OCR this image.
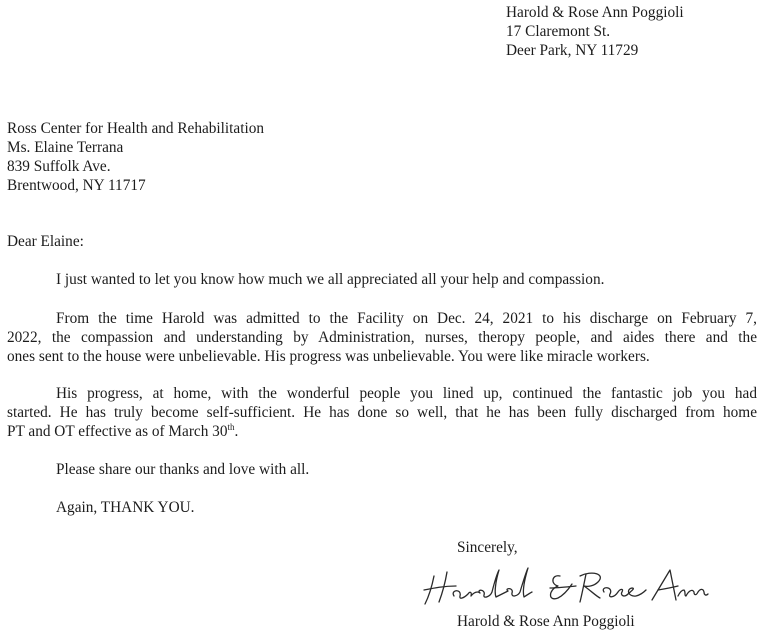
Harold & Rose Ann Poggioli
17 Claremont St.
Deer Park, NY 11729
Ross Center for Health and Rehabilitation
Ms. Elaine Terrana
839 Suffolk Ave.
Brentwood, NY 11717
Dear Elaine:
I just wanted to let you know how much we all appreciated all your help and compassion.
From the time Harold was admitted to the Facility on Dec. 24, 2021 to his discharge on February 7,
2022, the compassion and understanding by Administration, nurses, theropy people, and aides there and the
ones sent to the house were unbelievable. His progress was unbelievable. You were like miracle workers.
His progress, at home, with the wonderful people you lined up, continued the fantastic job you had
started. He has truly become self-sufficient. He has done so well, that he has been fully discharged from home
PT and OT effective as of March 30th.
Please share our thanks and love with all.
Again, THANK YOU.
Sincerely,
Harold & Rose Ann Poggioli
